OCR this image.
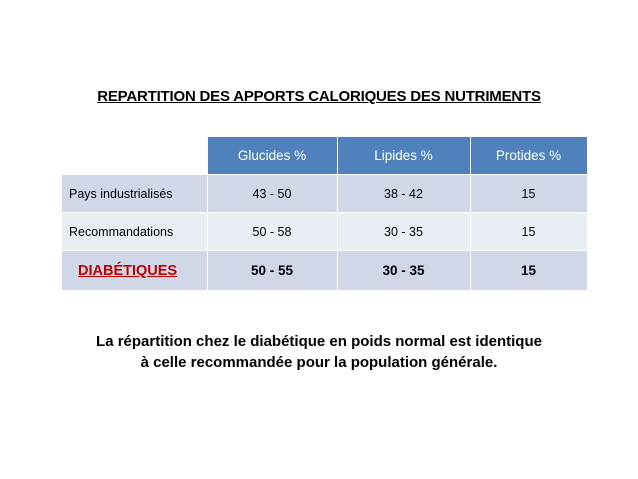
REPARTITION DES APPORTS CALORIQUES DES NUTRIMENTS
	Glucides %	Lipides %	Protides %
Pays industrialisés	43 - 50	38 - 42	15
Recommandations	50 - 58	30 - 35	15
DIABÉTIQUES	50 - 55	30 - 35	15
La répartition chez le diabétique en poids normal est identique
à celle recommandée pour la population générale.
